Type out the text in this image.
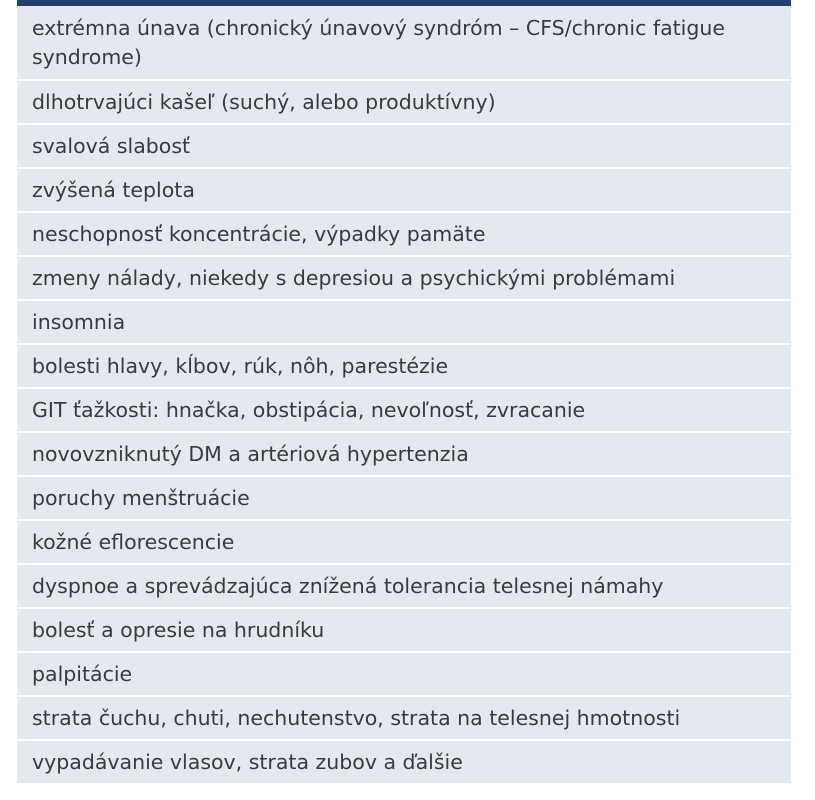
extrémna únava (chronický únavový syndróm – CFS/chronic fatigue syndrome)
dlhotrvajúci kašeľ (suchý, alebo produktívny)
svalová slabosť
zvýšená teplota
neschopnosť koncentrácie, výpadky pamäte
zmeny nálady, niekedy s depresiou a psychickými problémami
insomnia
bolesti hlavy, kĺbov, rúk, nôh, parestézie
GIT ťažkosti: hnačka, obstipácia, nevoľnosť, zvracanie
novovzniknutý DM a artériová hypertenzia
poruchy menštruácie
kožné eflorescencie
dyspnoe a sprevádzajúca znížená tolerancia telesnej námahy
bolesť a opresie na hrudníku
palpitácie
strata čuchu, chuti, nechutenstvo, strata na telesnej hmotnosti
vypadávanie vlasov, strata zubov a ďalšie
